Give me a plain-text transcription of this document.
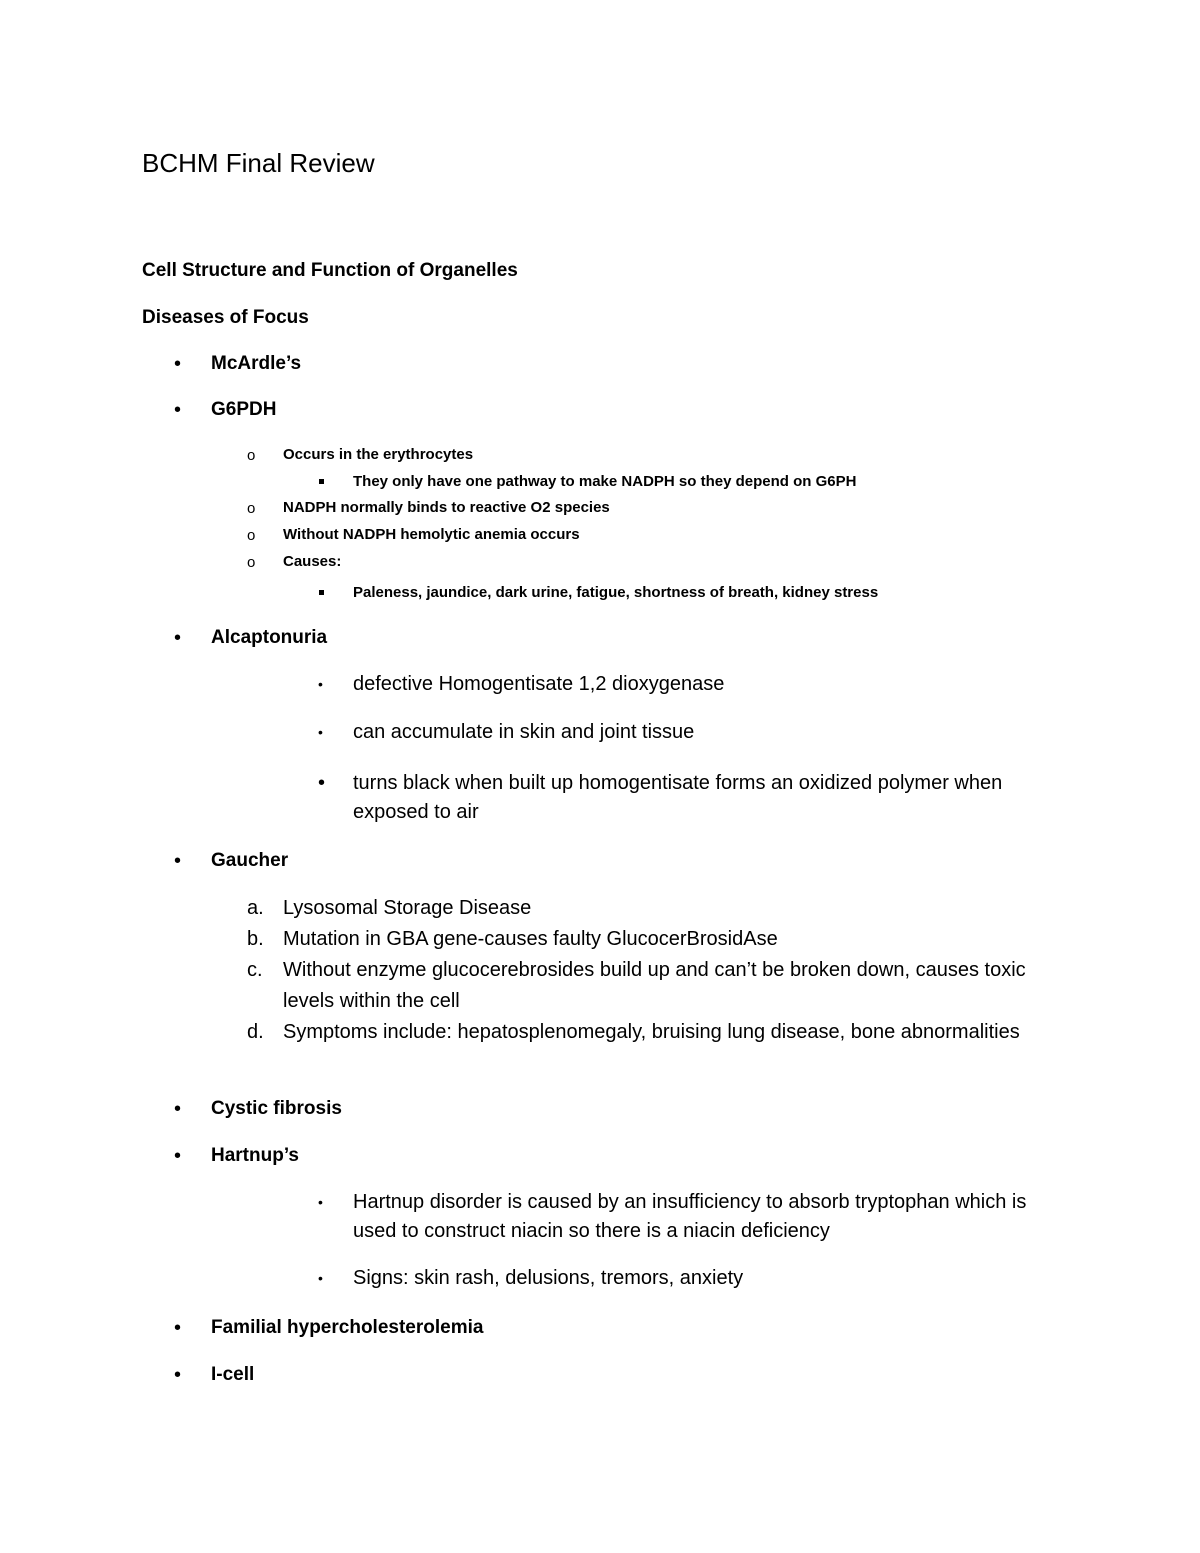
BCHM Final Review
Cell Structure and Function of Organelles
Diseases of Focus
• McArdle’s
• G6PDH
o Occurs in the erythrocytes
They only have one pathway to make NADPH so they depend on G6PH
o NADPH normally binds to reactive O2 species
o Without NADPH hemolytic anemia occurs
o Causes:
Paleness, jaundice, dark urine, fatigue, shortness of breath, kidney stress
• Alcaptonuria
• defective Homogentisate 1,2 dioxygenase
• can accumulate in skin and joint tissue
• turns black when built up homogentisate forms an oxidized polymer when exposed to air
• Gaucher
a. Lysosomal Storage Disease
b. Mutation in GBA gene-causes faulty GlucocerBrosidAse
c. Without enzyme glucocerebrosides build up and can’t be broken down, causes toxic levels within the cell
d. Symptoms include: hepatosplenomegaly, bruising lung disease, bone abnormalities
• Cystic fibrosis
• Hartnup’s
• Hartnup disorder is caused by an insufficiency to absorb tryptophan which is used to construct niacin so there is a niacin deficiency
• Signs: skin rash, delusions, tremors, anxiety
• Familial hypercholesterolemia
• I-cell
